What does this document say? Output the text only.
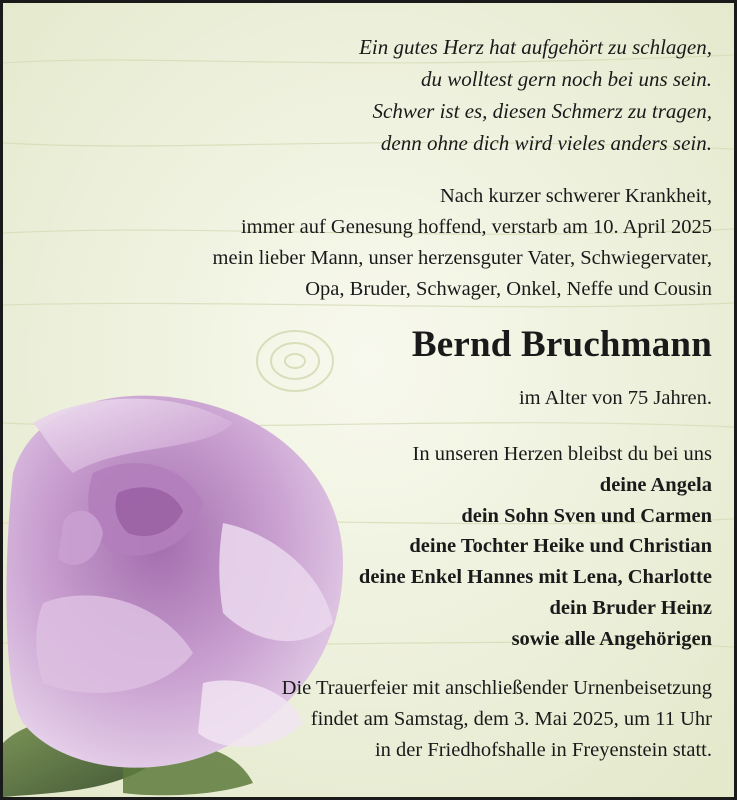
Ein gutes Herz hat aufgehört zu schlagen,
du wolltest gern noch bei uns sein.
Schwer ist es, diesen Schmerz zu tragen,
denn ohne dich wird vieles anders sein.
Nach kurzer schwerer Krankheit,
immer auf Genesung hoffend, verstarb am 10. April 2025
mein lieber Mann, unser herzensguter Vater, Schwiegervater,
Opa, Bruder, Schwager, Onkel, Neffe und Cousin
Bernd Bruchmann
im Alter von 75 Jahren.
In unseren Herzen bleibst du bei uns
deine Angela
dein Sohn Sven und Carmen
deine Tochter Heike und Christian
deine Enkel Hannes mit Lena, Charlotte
dein Bruder Heinz
sowie alle Angehörigen
Die Trauerfeier mit anschließender Urnenbeisetzung
findet am Samstag, dem 3. Mai 2025, um 11 Uhr
in der Friedhofshalle in Freyenstein statt.
